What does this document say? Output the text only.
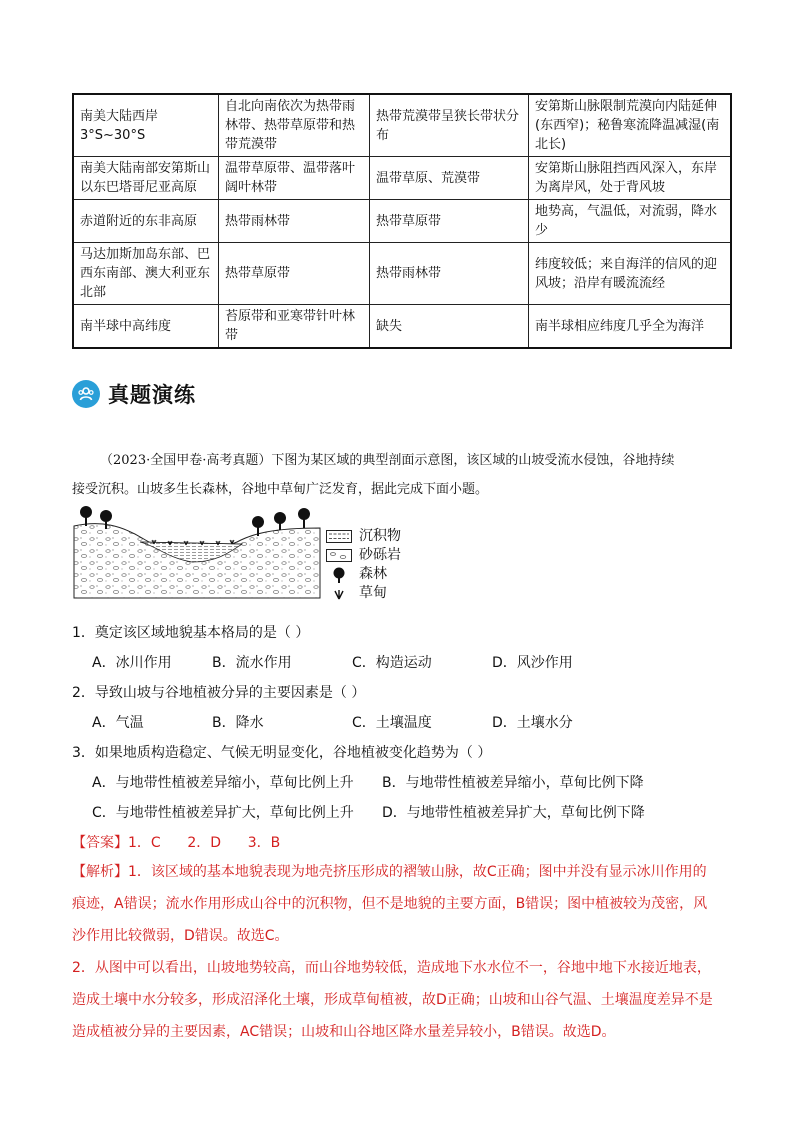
南美大陆西岸
3°S~30°S	自北向南依次为热带雨林带、热带草原带和热带荒漠带	热带荒漠带呈狭长带状分布	安第斯山脉限制荒漠向内陆延伸(东西窄)；秘鲁寒流降温减湿(南北长)
南美大陆南部安第斯山以东巴塔哥尼亚高原	温带草原带、温带落叶阔叶林带	温带草原、荒漠带	安第斯山脉阻挡西风深入，东岸为离岸风，处于背风坡
赤道附近的东非高原	热带雨林带	热带草原带	地势高，气温低，对流弱，降水少
马达加斯加岛东部、巴西东南部、澳大利亚东北部	热带草原带	热带雨林带	纬度较低；来自海洋的信风的迎风坡；沿岸有暖流流经
南半球中高纬度	苔原带和亚寒带针叶林带	缺失	南半球相应纬度几乎全为海洋
真题演练
（2023·全国甲卷·高考真题）下图为某区域的典型剖面示意图，该区域的山坡受流水侵蚀，谷地持续
接受沉积。山坡多生长森林，谷地中草甸广泛发育，据此完成下面小题。
沉积物
砂砾岩
森林
草甸
1．奠定该区域地貌基本格局的是（ ）
A．冰川作用	B．流水作用	C．构造运动	D．风沙作用
2．导致山坡与谷地植被分异的主要因素是（ ）
A．气温	B．降水	C．土壤温度	D．土壤水分
3．如果地质构造稳定、气候无明显变化，谷地植被变化趋势为（ ）
A．与地带性植被差异缩小，草甸比例上升	B．与地带性植被差异缩小，草甸比例下降
C．与地带性植被差异扩大，草甸比例上升	D．与地带性植被差异扩大，草甸比例下降
【答案】1．C      2．D      3．B
【解析】1．该区域的基本地貌表现为地壳挤压形成的褶皱山脉，故C正确；图中并没有显示冰川作用的
痕迹，A错误；流水作用形成山谷中的沉积物，但不是地貌的主要方面，B错误；图中植被较为茂密，风
沙作用比较微弱，D错误。故选C。
2．从图中可以看出，山坡地势较高，而山谷地势较低，造成地下水水位不一，谷地中地下水接近地表，
造成土壤中水分较多，形成沼泽化土壤，形成草甸植被，故D正确；山坡和山谷气温、土壤温度差异不是
造成植被分异的主要因素，AC错误；山坡和山谷地区降水量差异较小，B错误。故选D。
